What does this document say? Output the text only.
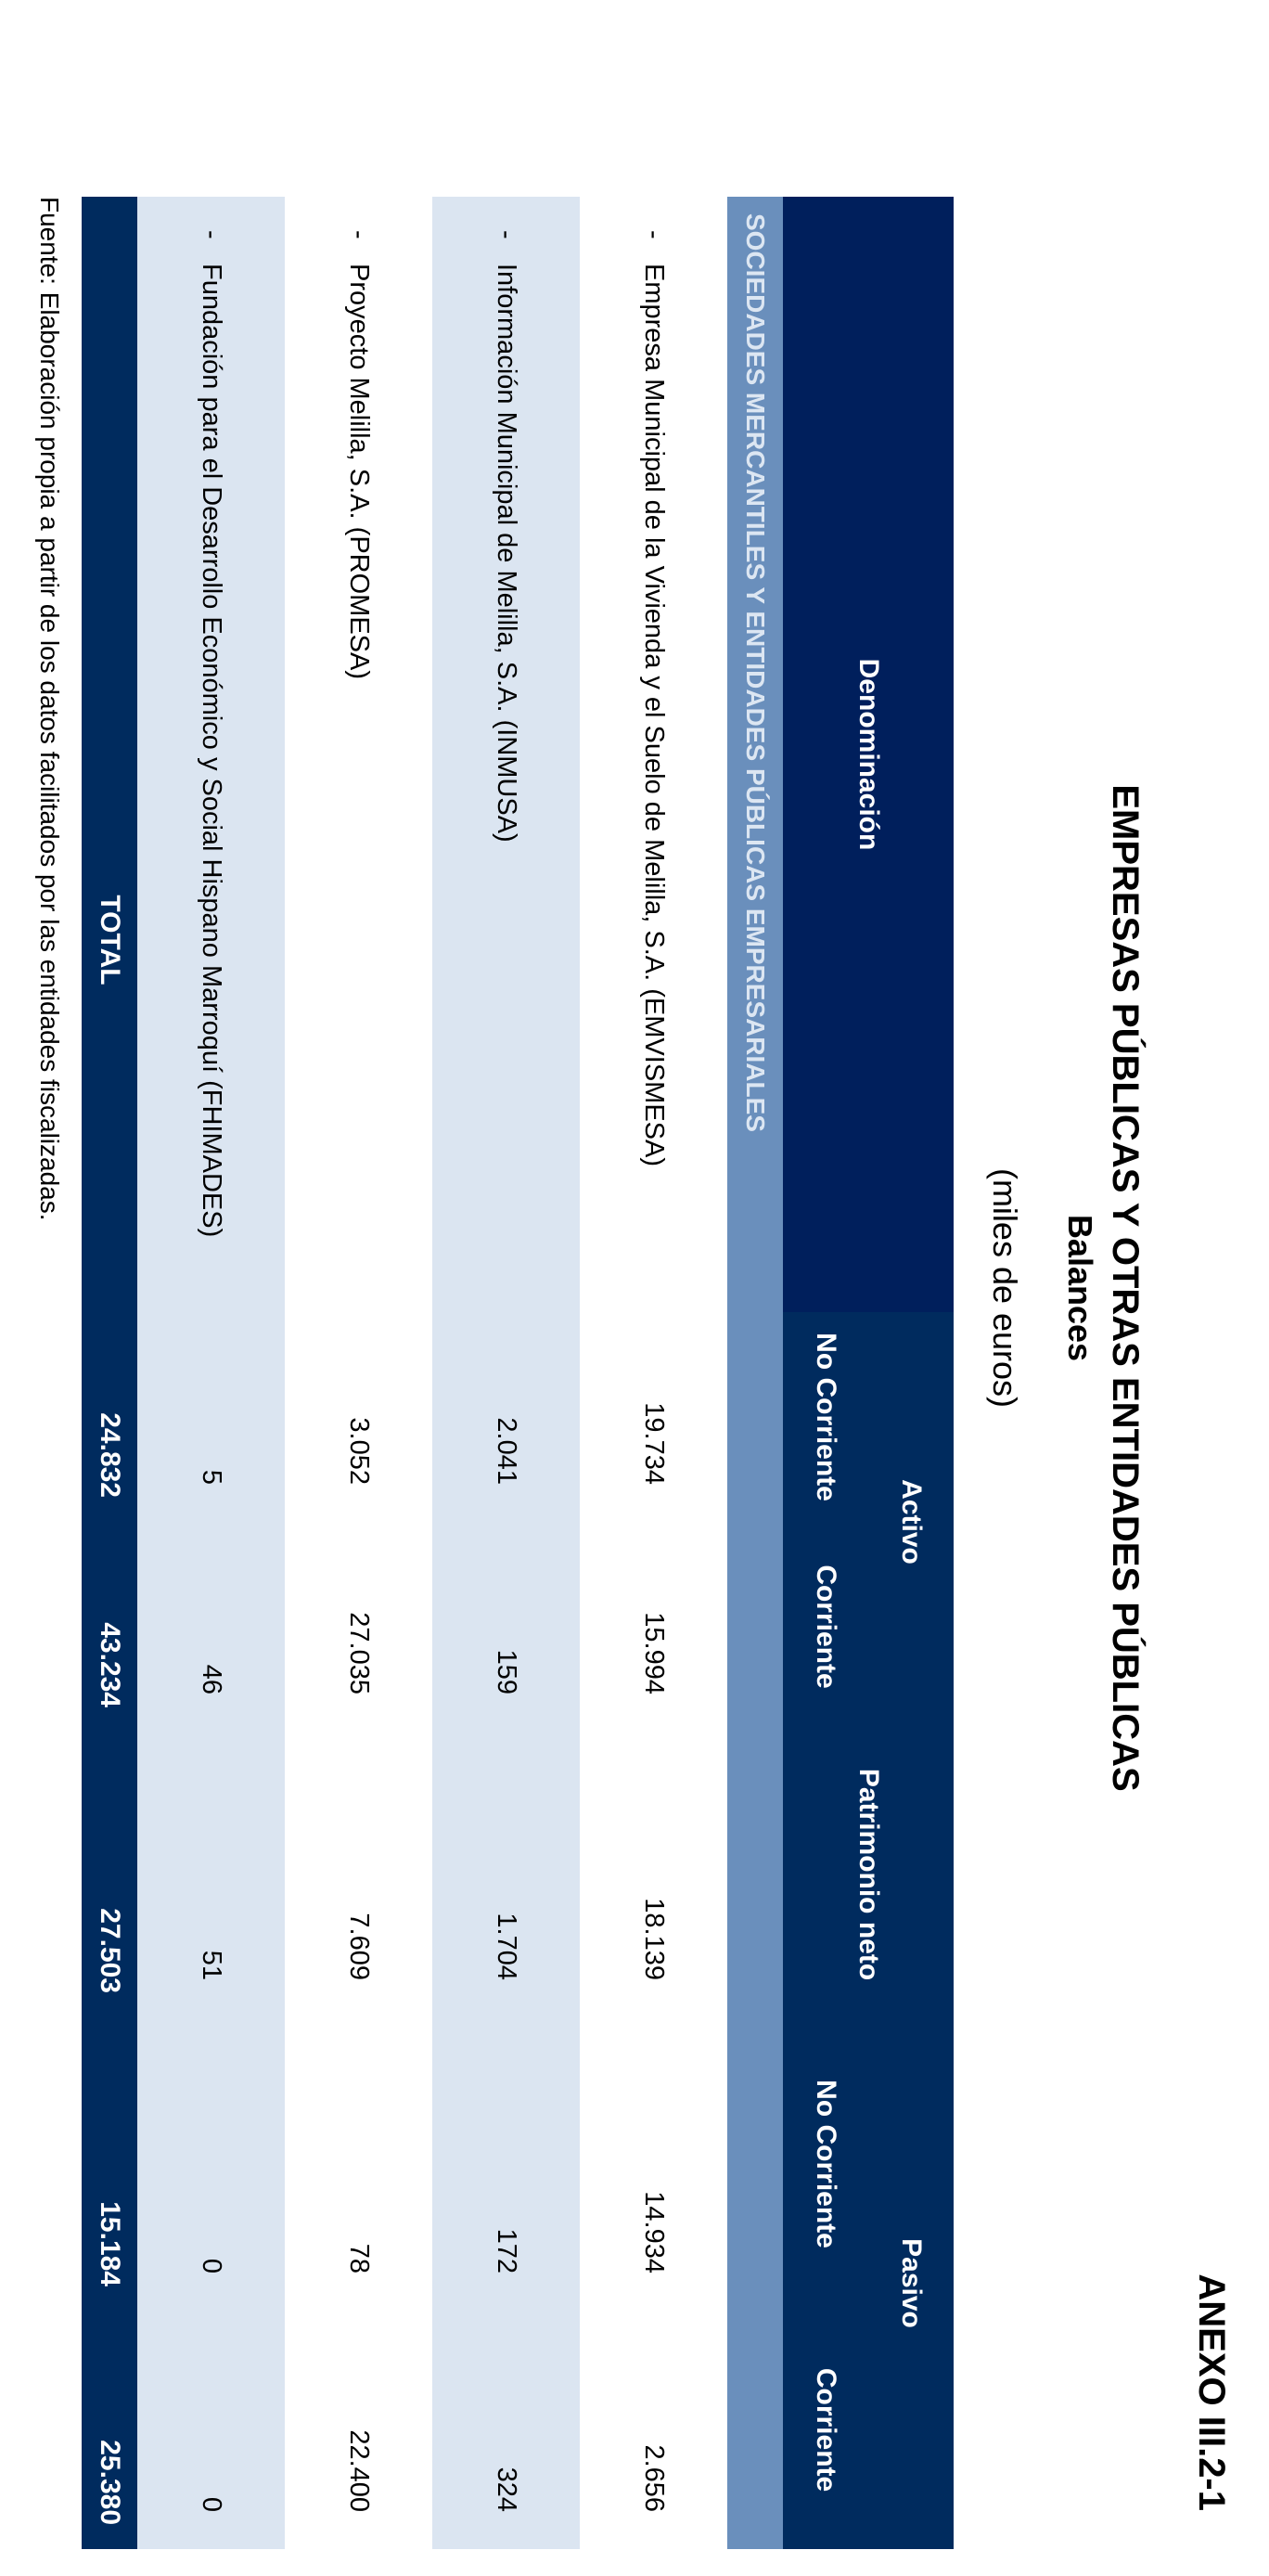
ANEXO III.2-1
EMPRESAS PÚBLICAS Y OTRAS ENTIDADES PÚBLICAS
Balances
(miles de euros)
Denominación	Activo		Patrimonio neto	Pasivo	
	No Corriente	Corriente		No Corriente	Corriente
SOCIEDADES MERCANTILES Y ENTIDADES PÚBLICAS EMPRESARIALES					
-Empresa Municipal de la Vivienda y el Suelo de Melilla, S.A. (EMVISMESA)	19.734	15.994	18.139	14.934	2.656
-Información Municipal de Melilla, S.A. (INMUSA)	2.041	159	1.704	172	324
-Proyecto Melilla, S.A. (PROMESA)	3.052	27.035	7.609	78	22.400
-Fundación para el Desarrollo Económico y Social Hispano Marroquí (FHIMADES)	5	46	51	0	0
TOTAL	24.832	43.234	27.503	15.184	25.380
Fuente: Elaboración propia a partir de los datos facilitados por las entidades fiscalizadas.
